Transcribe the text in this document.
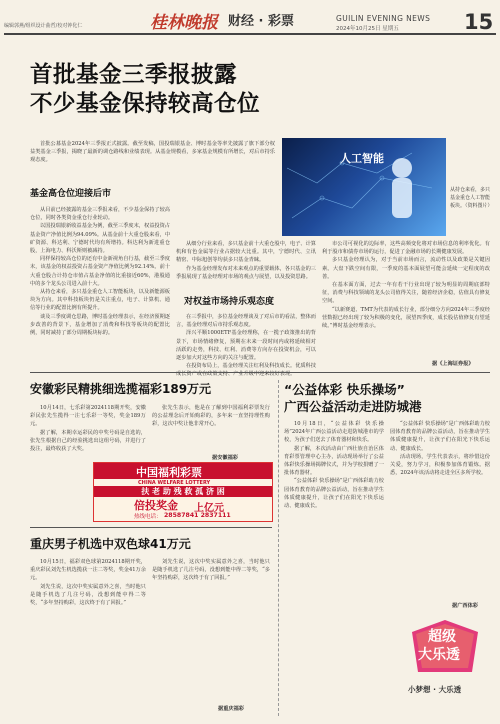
编辑郭燕/组织设计曲哲/校对钟化仁	桂林晚报 财经 · 彩票	GUILIN EVENING NEWS
2024年10月25日 星期五	15
首批基金三季报披露
不少基金保持较高仓位

首批公募基金2024年三季报正式披露。截至发稿，国投瑞银基金、博时基金等率先披露了旗下部分权益类基金三季报，揭晓了最新的调仓路线和业绩表现。从基金规模看，多家基金规模有所增长，对后市持乐观态度。

基金高仓位迎接后市

从目前已经披露的基金三季报来看，不少基金保持了较高仓位，同时各类资金重仓行业轮动。

以国投瑞银新收益基金为例，截至三季度末，权益投资占基金资产净值比例为94.09%。从基金前十大重仓股来看，中矿资源、科达利、宁德时代均有所增持。科达利为新进重仓股，上海电力、科沃斯则被减持。

同样保持较高仓位的还有中金新视角自行基，截至三季度末，该基金的权益投资占基金资产净值比例为92.14%。前十大重仓股合计持仓市值占基金净值的比重接近60%，港股通中的多个龙头公司进入前十大。

从持仓来看，多只基金重仓人工智能板块，以及新能源板块为方向。其中科技板块仍是关注重点，电子、计算机、通信等行业的配置比例有所提升。

谈及三季度调仓思路，博时基金经理表示，在经济预期逐步改善的背景下，基金增加了消费和科技等板块的配置比例，同时减持了部分周期板块标的。

人工智能
从持仓来看，多只基金重仓人工智能板块。（资料图片）

从细分行业来看，多只基金前十大重仓股中，电子、计算机和有色金属等行业占据较大比重。其中，宁德时代、立讯精密、中际旭创等均获多只基金青睐。

作为基金经理发布对未来观点的重要载体，各只基金的三季报展现了基金经理对市场的观点与展望，以及投资思路。

对权益市场持乐观态度

在三季报中，多位基金经理谈及了对后市的看法，整体而言，基金经理对后市持乐观态度。

泽兴平顺1000ETF基金经理称，在一揽子政策推出的背景下，市场情绪修复，预期在未来一段时间内或将延续相对活跃的走势，科技、红利、消费等方向存在投资机会，可以逐步加大对这些方向的关注与配置。

在投资布局上，基金经理关注红利及科技成长。优质科技成长资产或在政策支持、产业升级中迎来较好表现。

市公司可视化的边际率，这些高频变化将对市场信息的利率优化。有利于股市和债券市场的运行，促进了金融市场的长期健康发展。

多只基金经理认为，对于当前市场而言，流动性以及政策是关键因素。大盘下跌空间有限，一季度的基本面展望可能会延续一定程度的改善。

在基本面方面，过去一年有若干行业出现了较为明显的周期底部特征，消费与科技领域的龙头公司值得关注，随着经济企稳，估值具有修复空间。

“以新赛道、TMT为代表的成长行业，部分细分方向2024年三季度经营数据已经出现了较为积极的变化，展望四季度，成长股估值修复有望延续。”博时基金经理表示。

据《上海证券报》
安徽彩民精挑细选揽福彩189万元

10月14日，七乐彩第2024118期开奖，安徽彩民张先生揽得一注七乐彩一等奖，奖金189万元。

据了解，本期幸运彩民的中奖号码是自选的，张先生根据自己的经验挑选出这组号码，并进行了投注，最终收获了大奖。

张先生表示，他是在了解到中国福利彩票发行的公益理念后开始购彩的，多年来一直坚持理性购彩，这次中奖让他非常开心。

据安徽福彩
中国福利彩票
CHINA WELFARE LOTTERY
扶 老 助 残 救 孤 济 困
倍投奖金 上亿元
热线电话： 28587841 2837111
重庆男子机选中双色球41万元

10月15日，福彩双色球第2024118期开奖，重庆彩民刘先生机选揽获一注二等奖，奖金41万余元。

刘先生说，这次中奖实属意外之喜，当时他只是随手机选了几注号码，没想到能中得二等奖，“多年坚持购彩，这次终于有了回报。”

刘先生说，这次中奖实属意外之喜，当时他只是随手机选了几注号码，没想到能中得二等奖，“多年坚持购彩，这次终于有了回报。”

据重庆福彩
“公益体彩 快乐操场”
广西公益活动走进防城港

10月18日，“公益体彩 快乐操场”2024年广西公益活动走进防城港市的学校，为孩子们送去了体育器材和快乐。

据了解，本次活动由广西壮族自治区体育彩票管理中心主办，活动现场举行了公益体彩快乐操场揭牌仪式，并为学校捐赠了一批体育器材。

“公益体彩 快乐操场”是广西体彩助力校园体育教育的品牌公益活动，旨在推动学生体质健康提升，让孩子们在阳光下快乐运动、健康成长。

“公益体彩 快乐操场”是广西体彩助力校园体育教育的品牌公益活动，旨在推动学生体质健康提升，让孩子们在阳光下快乐运动、健康成长。

活动现场，学生代表表示，将珍惜这份关爱，努力学习，积极参加体育锻炼。据悉，2024年该活动将走进全区多所学校。

据广西体彩
超级
大乐透
小梦想 · 大乐透
